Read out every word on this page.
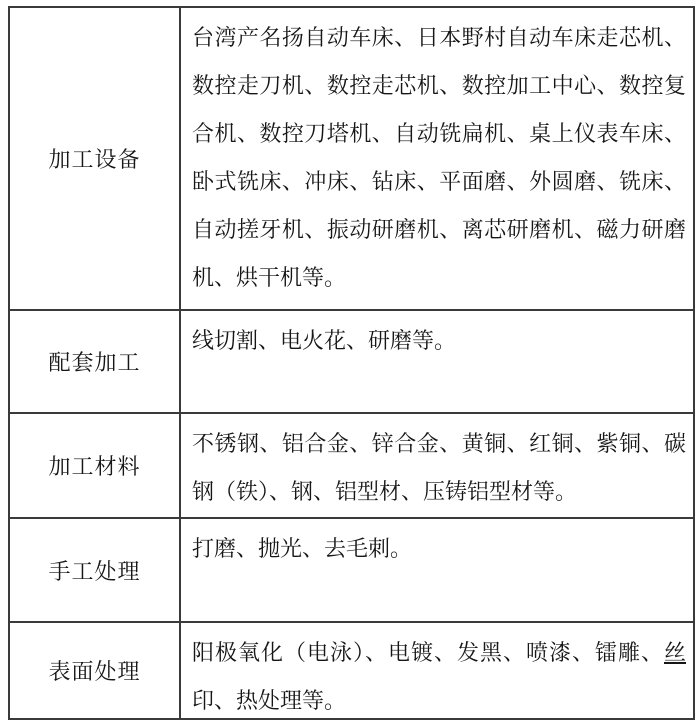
加工设备
台湾产名扬自动车床、日本野村自动车床走芯机、
数控走刀机、数控走芯机、数控加工中心、数控复
合机、数控刀塔机、自动铣扁机、桌上仪表车床、
卧式铣床、冲床、钻床、平面磨、外圆磨、铣床、
自动搓牙机、振动研磨机、离芯研磨机、磁力研磨
机、烘干机等。
配套加工
线切割、电火花、研磨等。
加工材料
不锈钢、铝合金、锌合金、黄铜、红铜、紫铜、碳
钢（铁）、钢、铝型材、压铸铝型材等。
手工处理
打磨、抛光、去毛刺。
表面处理
阳极氧化（电泳）、电镀、发黑、喷漆、镭雕、丝
印、热处理等。
